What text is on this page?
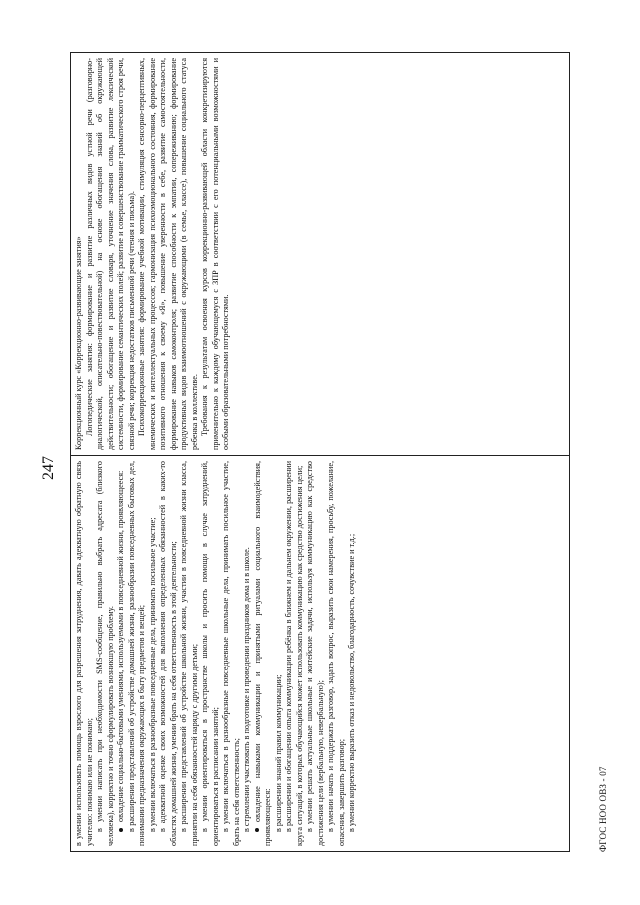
247 в умении использовать помощь взрослого для разрешения затруднения, давать адекватную обратную связь учителю: понимаю или не понимаю; в умении написать при необходимости SMS-сообщение, правильно выбрать адресата (близкого человека), корректно и точно сформулировать возникшую проблему. овладение социально-бытовыми умениями, используемыми в повседневной жизни, проявляющееся: в расширении представлений об устройстве домашней жизни, разнообразии повседневных бытовых дел, понимании предназначения окружающих в быту предметов и вещей; в умении включаться в разнообразные повседневные дела, принимать посильное участие; в адекватной оценке своих возможностей для выполнения определенных обязанностей в каких-то областях домашней жизни, умении брать на себя ответственность в этой деятельности; в расширении представлений об устройстве школьной жизни, участии в повседневной жизни класса, принятии на себя обязанностей наряду с другими детьми; в умении ориентироваться в пространстве школы и просить помощи в случае затруднений, ориентироваться в расписании занятий; в умении включаться в разнообразные повседневные школьные дела, принимать посильное участие, брать на себя ответственность; в стремлении участвовать в подготовке и проведении праздников дома и в школе. овладение навыками коммуникации и принятыми ритуалами социального взаимодействия, проявляющееся: в расширении знаний правил коммуникации; в расширении и обогащении опыта коммуникации ребёнка в ближнем и дальнем окружении, расширении круга ситуаций, в которых обучающийся может использовать коммуникацию как средство достижения цели; в умении решать актуальные школьные и житейские задачи, используя коммуникацию как средство достижения цели (вербальную, невербальную); в умении начать и поддержать разговор, задать вопрос, выразить свои намерения, просьбу, пожелание, опасения, завершить разговор; в умении корректно выразить отказ и недовольство, благодарность, сочувствие и т.д.;

Коррекционный курс «Коррекционно-развивающие занятия» Логопедические занятия: формирование и развитие различных видов устной речи (разговорно-диалогической, описательно-повествовательной) на основе обогащения знаний об окружающей действительности; обогащение и развитие словаря, уточнение значения слова, развитие лексической системности, формирование семантических полей; развитие и совершенствование грамматического строя речи, связной речи; коррекция недостатков письменной речи (чтения и письма). Психокоррекционные занятия: формирование учебной мотивации, стимуляция сенсорно-перцептивных, мнемических и интеллектуальных процессов; гармонизация психоэмоционального состояния, формирование позитивного отношения к своему «Я», повышение уверенности в себе, развитие самостоятельности, формирование навыков самоконтроля; развитие способности к эмпатии, сопереживанию; формирование продуктивных видов взаимоотношений с окружающими (в семье, классе), повышение социального статуса ребенка в коллективе. Требования к результатам освоения курсов коррекционно-развивающей области конкретизируются применительно к каждому обучающемуся с ЗПР в соответствии с его потенциальными возможностями и особыми образовательными потребностями.

ФГОС НОО ОВЗ - 07
